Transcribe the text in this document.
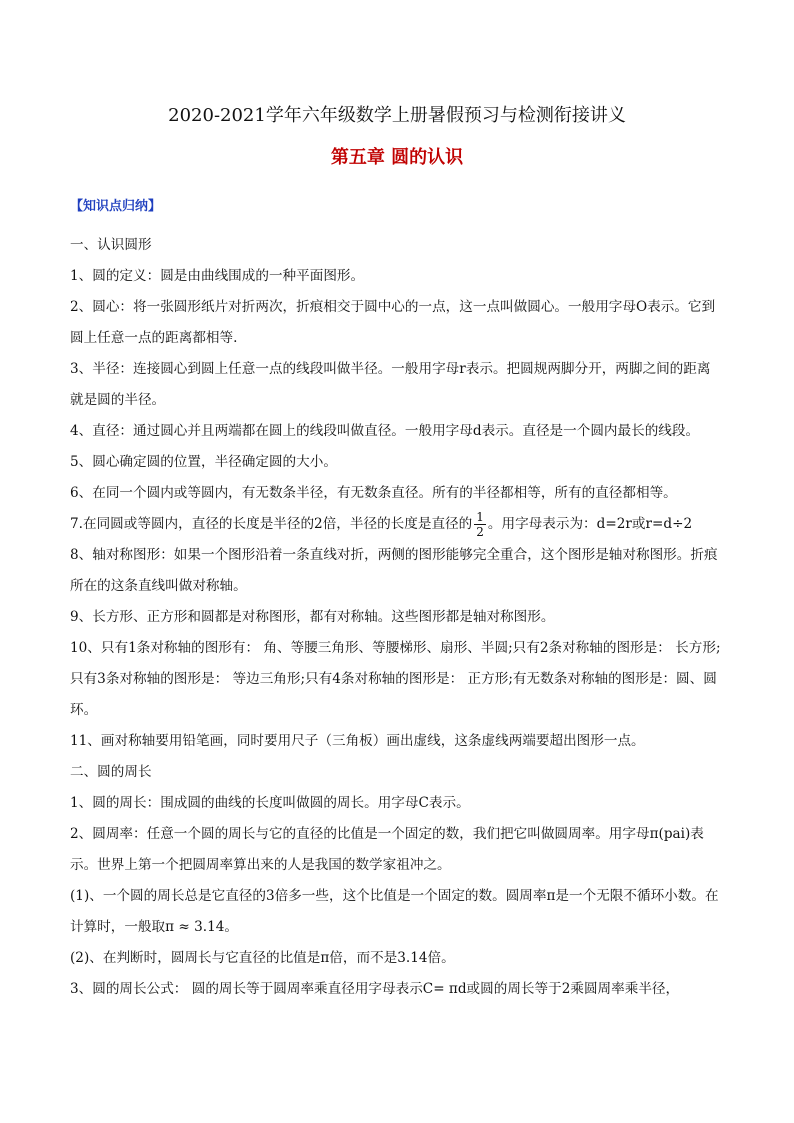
2020-2021学年六年级数学上册暑假预习与检测衔接讲义
第五章 圆的认识
【知识点归纳】

一、认识圆形

1、圆的定义：圆是由曲线围成的一种平面图形。

2、圆心：将一张圆形纸片对折两次，折痕相交于圆中心的一点，这一点叫做圆心。一般用字母O表示。它到圆上任意一点的距离都相等.

3、半径：连接圆心到圆上任意一点的线段叫做半径。一般用字母r表示。把圆规两脚分开，两脚之间的距离就是圆的半径。

4、直径：通过圆心并且两端都在圆上的线段叫做直径。一般用字母d表示。直径是一个圆内最长的线段。

5、圆心确定圆的位置，半径确定圆的大小。

6、在同一个圆内或等圆内，有无数条半径，有无数条直径。所有的半径都相等，所有的直径都相等。

7.在同圆或等圆内，直径的长度是半径的2倍，半径的长度是直径的 $\frac{1}{2}$ 。用字母表示为：d=2r或r=d÷2

8、轴对称图形：如果一个图形沿着一条直线对折，两侧的图形能够完全重合，这个图形是轴对称图形。折痕所在的这条直线叫做对称轴。

9、长方形、正方形和圆都是对称图形，都有对称轴。这些图形都是轴对称图形。

10、只有1条对称轴的图形有： 角、等腰三角形、等腰梯形、扇形、半圆;只有2条对称轴的图形是： 长方形;只有3条对称轴的图形是： 等边三角形;只有4条对称轴的图形是： 正方形;有无数条对称轴的图形是：圆、圆环。

11、画对称轴要用铅笔画，同时要用尺子（三角板）画出虚线，这条虚线两端要超出图形一点。

二、圆的周长

1、圆的周长：围成圆的曲线的长度叫做圆的周长。用字母C表示。

2、圆周率：任意一个圆的周长与它的直径的比值是一个固定的数，我们把它叫做圆周率。用字母π(pai)表示。世界上第一个把圆周率算出来的人是我国的数学家祖冲之。

(1)、一个圆的周长总是它直径的3倍多一些，这个比值是一个固定的数。圆周率π是一个无限不循环小数。在计算时，一般取π ≈ 3.14。

(2)、在判断时，圆周长与它直径的比值是π倍，而不是3.14倍。

3、圆的周长公式： 圆的周长等于圆周率乘直径用字母表示C= πd或圆的周长等于2乘圆周率乘半径，
